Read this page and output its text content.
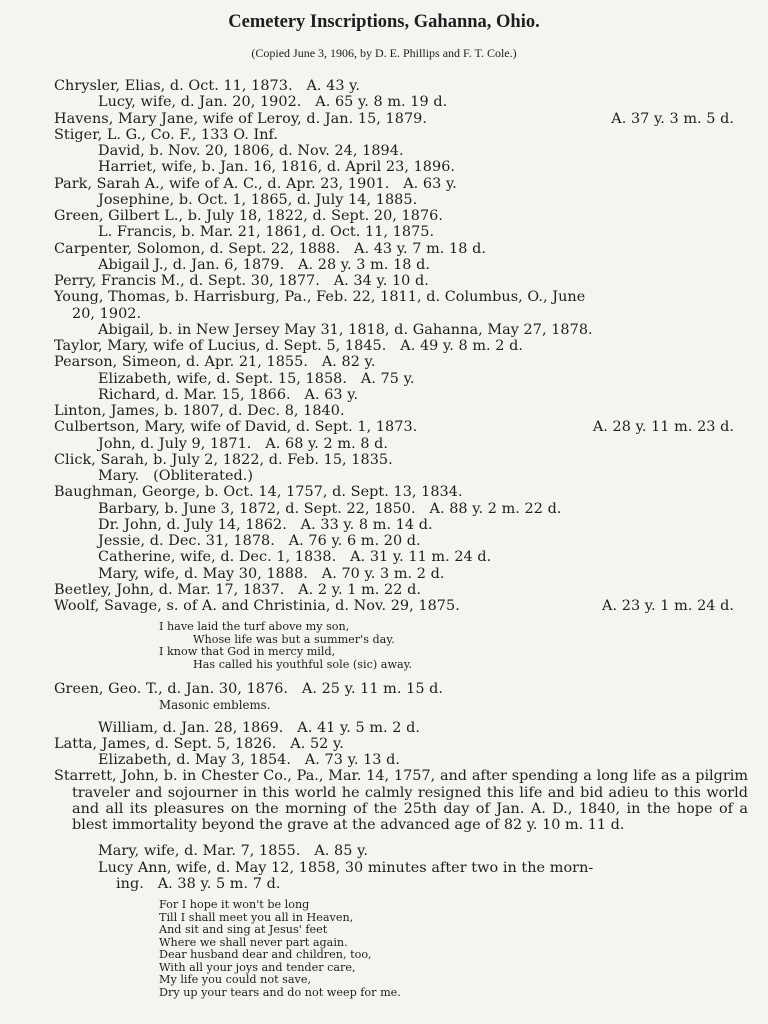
Cemetery Inscriptions, Gahanna, Ohio.
(Copied June 3, 1906, by D. E. Phillips and F. T. Cole.)
Chrysler, Elias, d. Oct. 11, 1873.   A. 43 y.
Lucy, wife, d. Jan. 20, 1902.   A. 65 y. 8 m. 19 d.
Havens, Mary Jane, wife of Leroy, d. Jan. 15, 1879.	A. 37 y. 3 m. 5 d.
Stiger, L. G., Co. F., 133 O. Inf.
David, b. Nov. 20, 1806, d. Nov. 24, 1894.
Harriet, wife, b. Jan. 16, 1816, d. April 23, 1896.
Park, Sarah A., wife of A. C., d. Apr. 23, 1901.   A. 63 y.
Josephine, b. Oct. 1, 1865, d. July 14, 1885.
Green, Gilbert L., b. July 18, 1822, d. Sept. 20, 1876.
L. Francis, b. Mar. 21, 1861, d. Oct. 11, 1875.
Carpenter, Solomon, d. Sept. 22, 1888.   A. 43 y. 7 m. 18 d.
Abigail J., d. Jan. 6, 1879.   A. 28 y. 3 m. 18 d.
Perry, Francis M., d. Sept. 30, 1877.   A. 34 y. 10 d.
Young, Thomas, b. Harrisburg, Pa., Feb. 22, 1811, d. Columbus, O., June
20, 1902.
Abigail, b. in New Jersey May 31, 1818, d. Gahanna, May 27, 1878.
Taylor, Mary, wife of Lucius, d. Sept. 5, 1845.   A. 49 y. 8 m. 2 d.
Pearson, Simeon, d. Apr. 21, 1855.   A. 82 y.
Elizabeth, wife, d. Sept. 15, 1858.   A. 75 y.
Richard, d. Mar. 15, 1866.   A. 63 y.
Linton, James, b. 1807, d. Dec. 8, 1840.
Culbertson, Mary, wife of David, d. Sept. 1, 1873.	A. 28 y. 11 m. 23 d.
John, d. July 9, 1871.   A. 68 y. 2 m. 8 d.
Click, Sarah, b. July 2, 1822, d. Feb. 15, 1835.
Mary.   (Obliterated.)
Baughman, George, b. Oct. 14, 1757, d. Sept. 13, 1834.
Barbary, b. June 3, 1872, d. Sept. 22, 1850.   A. 88 y. 2 m. 22 d.
Dr. John, d. July 14, 1862.   A. 33 y. 8 m. 14 d.
Jessie, d. Dec. 31, 1878.   A. 76 y. 6 m. 20 d.
Catherine, wife, d. Dec. 1, 1838.   A. 31 y. 11 m. 24 d.
Mary, wife, d. May 30, 1888.   A. 70 y. 3 m. 2 d.
Beetley, John, d. Mar. 17, 1837.   A. 2 y. 1 m. 22 d.
Woolf, Savage, s. of A. and Christinia, d. Nov. 29, 1875.	A. 23 y. 1 m. 24 d.
I have laid the turf above my son,
Whose life was but a summer's day.
I know that God in mercy mild,
Has called his youthful sole (sic) away.
Green, Geo. T., d. Jan. 30, 1876.   A. 25 y. 11 m. 15 d.
Masonic emblems.
William, d. Jan. 28, 1869.   A. 41 y. 5 m. 2 d.
Latta, James, d. Sept. 5, 1826.   A. 52 y.
Elizabeth, d. May 3, 1854.   A. 73 y. 13 d.
Starrett, John, b. in Chester Co., Pa., Mar. 14, 1757, and after spending a long life as a pilgrim traveler and sojourner in this world he calmly resigned this life and bid adieu to this world and all its pleasures on the morning of the 25th day of Jan. A. D., 1840, in the hope of a blest immortality beyond the grave at the advanced age of 82 y. 10 m. 11 d.
Mary, wife, d. Mar. 7, 1855.   A. 85 y.
Lucy Ann, wife, d. May 12, 1858, 30 minutes after two in the morn-
ing.   A. 38 y. 5 m. 7 d.
For I hope it won't be long
Till I shall meet you all in Heaven,
And sit and sing at Jesus' feet
Where we shall never part again.
Dear husband dear and children, too,
With all your joys and tender care,
My life you could not save,
Dry up your tears and do not weep for me.
